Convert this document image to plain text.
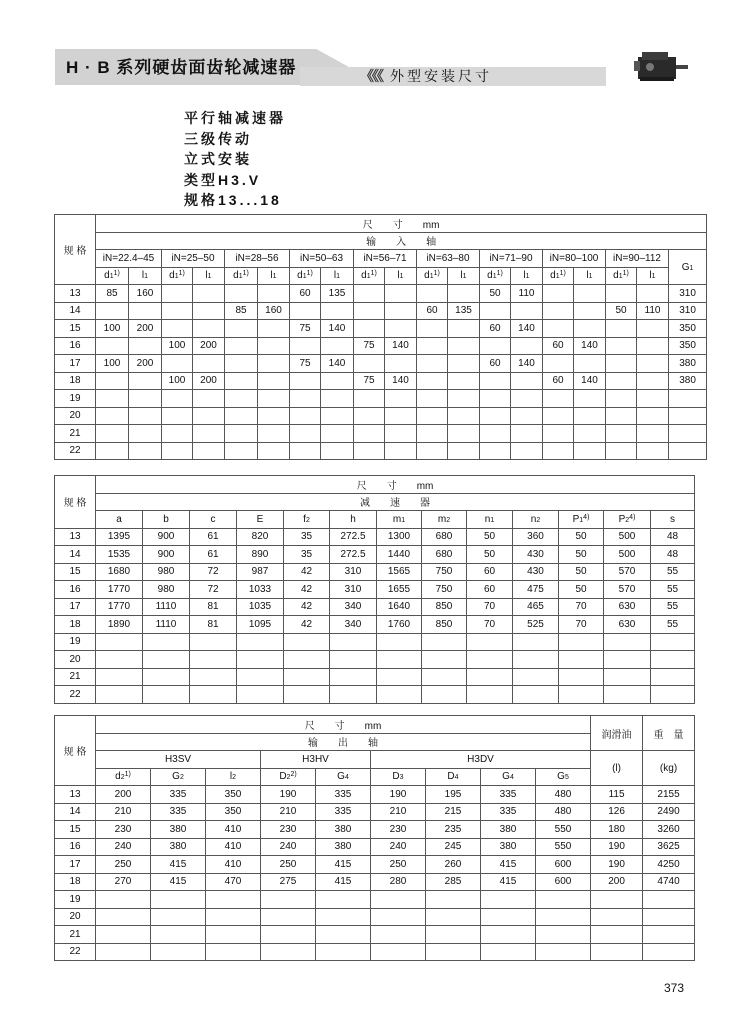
H · B 系列硬齿面齿轮减速器	《《《 外型安装尺寸
平行轴减速器
三级传动
立式安装
类型H3.V
规格13...18
规 格	尺　　寸　　mm																		
	输　　入　　轴																		
	iN=22.4–45		iN=25–50		iN=28–56		iN=50–63		iN=56–71		iN=63–80		iN=71–90		iN=80–100		iN=90–112		G1
	d1$^{1)}$	l1	d1$^{1)}$	l1	d1$^{1)}$	l1	d1$^{1)}$	l1	d1$^{1)}$	l1	d1$^{1)}$	l1	d1$^{1)}$	l1	d1$^{1)}$	l1	d1$^{1)}$	l1	
13	85	160					60	135					50	110					310
14					85	160					60	135					50	110	310
15	100	200					75	140					60	140					350
16			100	200					75	140					60	140			350
17	100	200					75	140					60	140					380
18			100	200					75	140					60	140			380
19																			
20																			
21																			
22																			
规 格	尺　　寸　　mm												
	减　　速　　器												
	a	b	c	E	f2	h	m1	m2	n1	n2	P1$^{4)}$	P2$^{4)}$	s
13	1395	900	61	820	35	272.5	1300	680	50	360	50	500	48
14	1535	900	61	890	35	272.5	1440	680	50	430	50	500	48
15	1680	980	72	987	42	310	1565	750	60	430	50	570	55
16	1770	980	72	1033	42	310	1655	750	60	475	50	570	55
17	1770	1110	81	1035	42	340	1640	850	70	465	70	630	55
18	1890	1110	81	1095	42	340	1760	850	70	525	70	630	55
19													
20													
21													
22													
规 格	尺　　寸　　mm									润滑油	重　量
	输　　出　　轴										
	H3SV			H3HV		H3DV				(l)	(kg)
	d2$^{1)}$	G2	l2	D2$^{2)}$	G4	D3	D4	G4	G5		
13	200	335	350	190	335	190	195	335	480	115	2155
14	210	335	350	210	335	210	215	335	480	126	2490
15	230	380	410	230	380	230	235	380	550	180	3260
16	240	380	410	240	380	240	245	380	550	190	3625
17	250	415	410	250	415	250	260	415	600	190	4250
18	270	415	470	275	415	280	285	415	600	200	4740
19											
20											
21											
22											
373
